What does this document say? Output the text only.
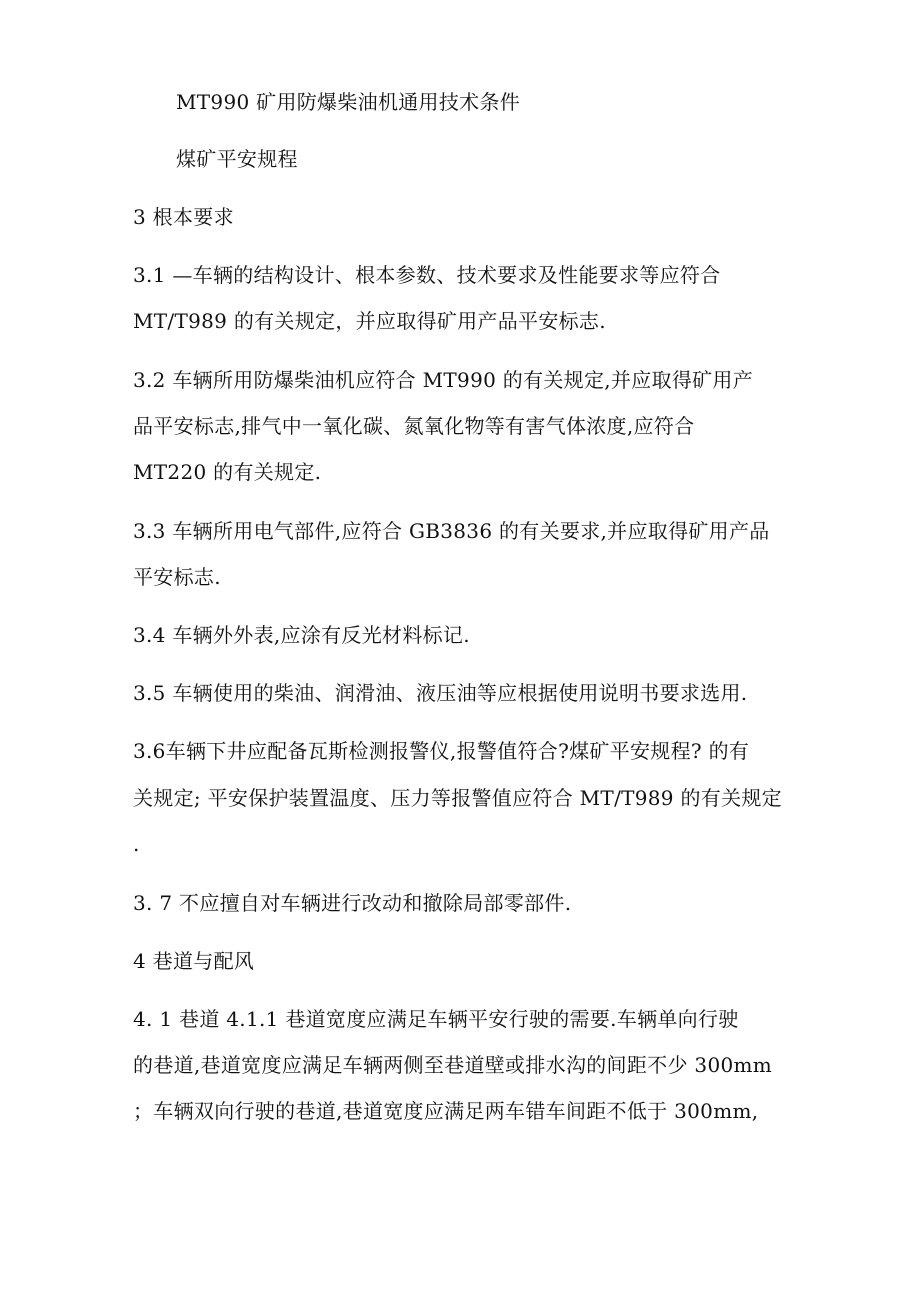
MT990 矿用防爆柴油机通用技术条件
煤矿平安规程
3 根本要求
3.1 —车辆的结构设计、根本参数、技术要求及性能要求等应符合
MT/T989 的有关规定，并应取得矿用产品平安标志.
3.2 车辆所用防爆柴油机应符合 MT990 的有关规定,并应取得矿用产
品平安标志,排气中一氧化碳、氮氧化物等有害气体浓度,应符合
MT220 的有关规定.
3.3 车辆所用电气部件,应符合 GB3836 的有关要求,并应取得矿用产品
平安标志.
3.4 车辆外外表,应涂有反光材料标记.
3.5 车辆使用的柴油、润滑油、液压油等应根据使用说明书要求选用.
3.6车辆下井应配备瓦斯检测报警仪,报警值符合?煤矿平安规程? 的有
关规定; 平安保护装置温度、压力等报警值应符合 MT/T989 的有关规定
.
3. 7 不应擅自对车辆进行改动和撤除局部零部件.
4 巷道与配风
4. 1 巷道 4.1.1 巷道宽度应满足车辆平安行驶的需要.车辆单向行驶
的巷道,巷道宽度应满足车辆两侧至巷道壁或排水沟的间距不少 300mm
；车辆双向行驶的巷道,巷道宽度应满足两车错车间距不低于 300mm,
